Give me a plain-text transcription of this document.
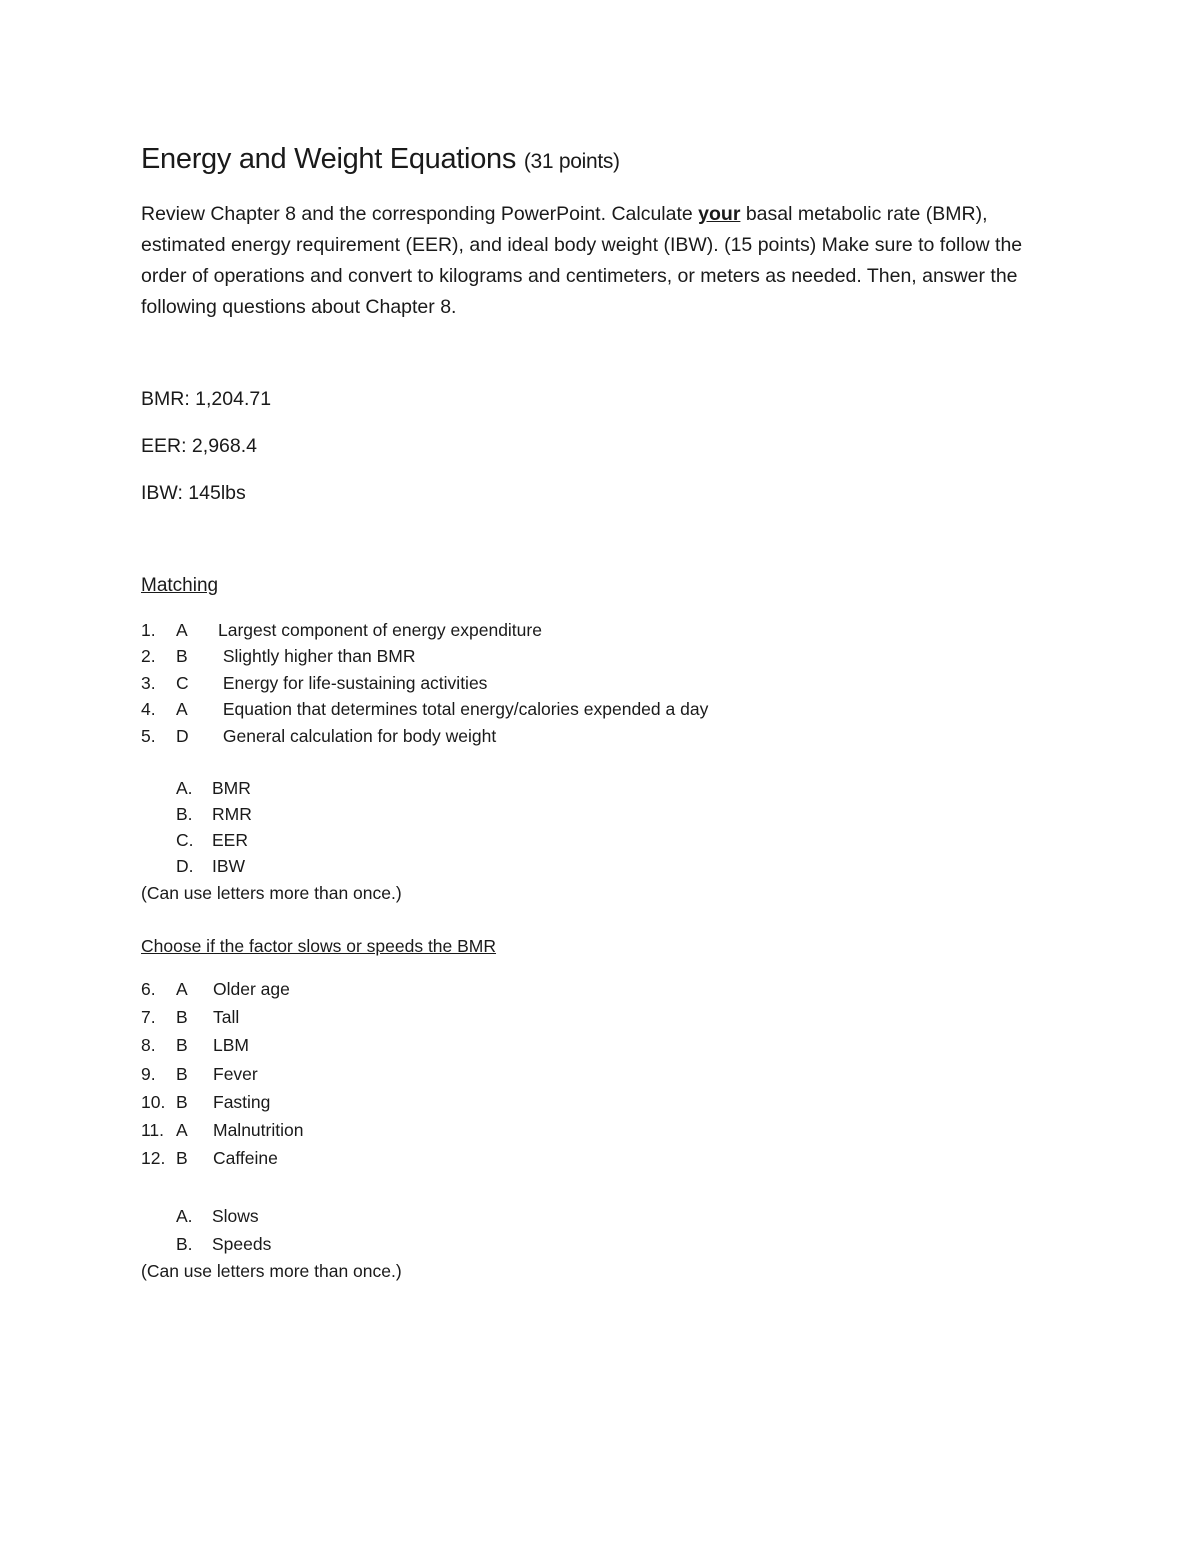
Energy and Weight Equations (31 points)

Review Chapter 8 and the corresponding PowerPoint. Calculate your basal metabolic rate (BMR), estimated energy requirement (EER), and ideal body weight (IBW). (15 points) Make sure to follow the order of operations and convert to kilograms and centimeters, or meters as needed. Then, answer the following questions about Chapter 8.

BMR: 1,204.71

EER: 2,968.4

IBW: 145lbs

Matching

1.	A	Largest component of energy expenditure
2.	B	Slightly higher than BMR
3.	C	Energy for life-sustaining activities
4.	A	Equation that determines total energy/calories expended a day
5.	D	General calculation for body weight
A.	BMR
B.	RMR
C.	EER
D.	IBW

(Can use letters more than once.)

Choose if the factor slows or speeds the BMR

6.	A	Older age
7.	B	Tall
8.	B	LBM
9.	B	Fever
10. B	Fasting
11. A	Malnutrition
12. B	Caffeine
A.	Slows
B.	Speeds

(Can use letters more than once.)
